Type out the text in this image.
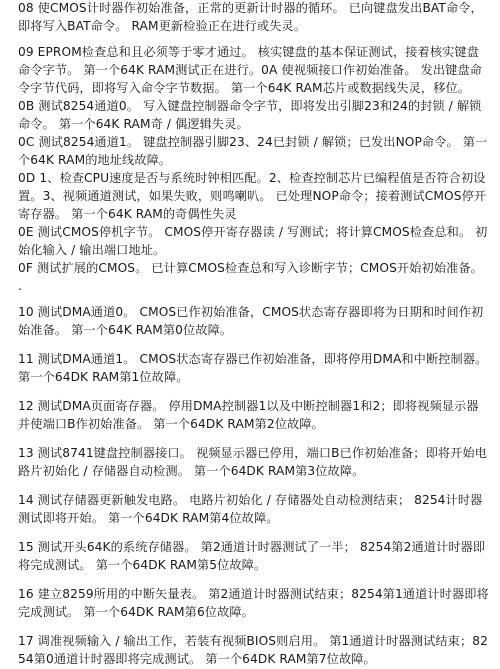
08 使CMOS计时器作初始准备，正常的更新计时器的循环。 已向键盘发出BAT命令，即将写入BAT命令。 RAM更新检验正在进行或失灵。

09 EPROM检查总和且必须等于零才通过。 核实键盘的基本保证测试，接着核实键盘命令字节。 第一个64K RAM测试正在进行。0A 使视频接口作初始准备。 发出键盘命令字节代码，即将写入命令字节数据。 第一个64K RAM芯片或数据线失灵，移位。

0B 测试8254通道0。 写入键盘控制器命令字节，即将发出引脚23和24的封锁 / 解锁命令。 第一个64K RAM奇 / 偶逻辑失灵。

0C 测试8254通道1。 键盘控制器引脚23、24已封锁 / 解锁；已发出NOP命令。 第一个64K RAM的地址线故障。

0D 1、检查CPU速度是否与系统时钟相匹配。2、检查控制芯片已编程值是否符合初设置。3、视频通道测试，如果失败，则鸣喇叭。 已处理NOP命令；接着测试CMOS停开寄存器。 第一个64K RAM的奇偶性失灵

0E 测试CMOS停机字节。 CMOS停开寄存器读 / 写测试；将计算CMOS检查总和。 初始化输入 / 输出端口地址。

0F 测试扩展的CMOS。 已计算CMOS检查总和写入诊断字节；CMOS开始初始准备。 .

10 测试DMA通道0。 CMOS已作初始准备，CMOS状态寄存器即将为日期和时间作初始准备。 第一个64K RAM第0位故障。

11 测试DMA通道1。 CMOS状态寄存器已作初始准备，即将停用DMA和中断控制器。 第一个64DK RAM第1位故障。

12 测试DMA页面寄存器。 停用DMA控制器1以及中断控制器1和2；即将视频显示器并使端口B作初始准备。 第一个64DK RAM第2位故障。

13 测试8741键盘控制器接口。 视频显示器已停用，端口B已作初始准备；即将开始电路片初始化 / 存储器自动检测。 第一个64DK RAM第3位故障。

14 测试存储器更新触发电路。 电路片初始化 / 存储器处自动检测结束； 8254计时器测试即将开始。 第一个64DK RAM第4位故障。

15 测试开头64K的系统存储器。 第2通道计时器测试了一半； 8254第2通道计时器即将完成测试。 第一个64DK RAM第5位故障。

16 建立8259所用的中断矢量表。 第2通道计时器测试结束；8254第1通道计时器即将完成测试。 第一个64DK RAM第6位故障。

17 调准视频输入 / 输出工作，若装有视频BIOS则启用。 第1通道计时器测试结束；8254第0通道计时器即将完成测试。 第一个64DK RAM第7位故障。
